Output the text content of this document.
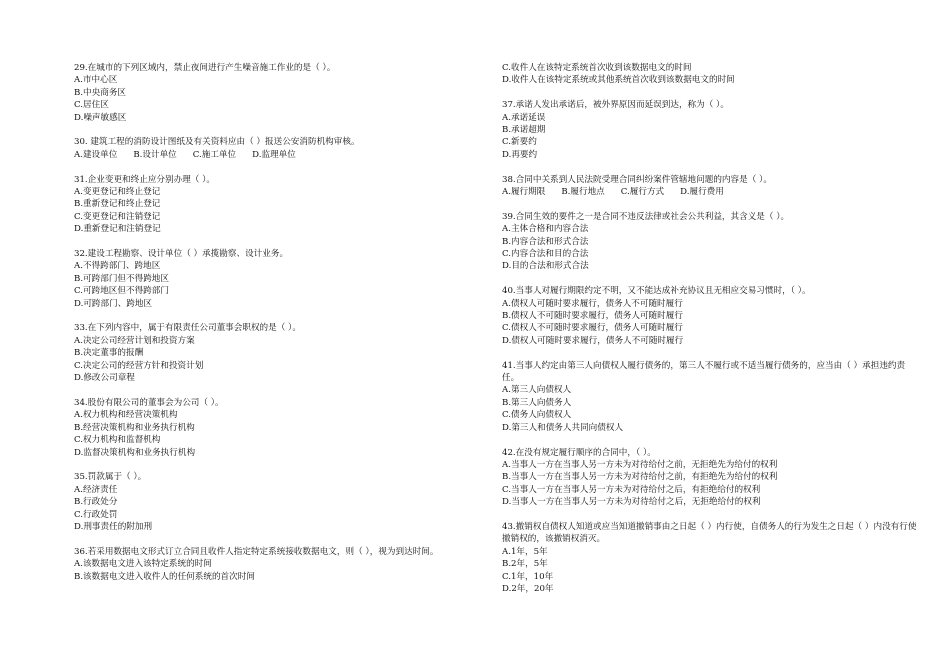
29.在城市的下列区域内，禁止夜间进行产生噪音施工作业的是（ ）。
A.市中心区
B.中央商务区
C.居住区
D.噪声敏感区
30. 建筑工程的消防设计图纸及有关资料应由（ ）报送公安消防机构审核。
A.建设单位 B.设计单位 C.施工单位 D.监理单位
31.企业变更和终止应分别办理（ ）。
A.变更登记和终止登记
B.重新登记和终止登记
C.变更登记和注销登记
D.重新登记和注销登记
32.建设工程勘察、设计单位（ ）承揽勘察、设计业务。
A.不得跨部门、跨地区
B.可跨部门但不得跨地区
C.可跨地区但不得跨部门
D.可跨部门、跨地区
33.在下列内容中，属于有限责任公司董事会职权的是（ ）。
A.决定公司经营计划和投资方案
B.决定董事的报酬
C.决定公司的经营方针和投资计划
D.修改公司章程
34.股份有限公司的董事会为公司（ ）。
A.权力机构和经营决策机构
B.经营决策机构和业务执行机构
C.权力机构和监督机构
D.监督决策机构和业务执行机构
35.罚款属于（ ）。
A.经济责任
B.行政处分
C.行政处罚
D.刑事责任的附加刑
36.若采用数据电文形式订立合同且收件人指定特定系统接收数据电文，则（ ），视为到达时间。
A.该数据电文进入该特定系统的时间
B.该数据电文进入收件人的任何系统的首次时间
C.收件人在该特定系统首次收到该数据电文的时间
D.收件人在该特定系统或其他系统首次收到该数据电文的时间
37.承诺人发出承诺后，被外界原因而延误到达，称为（ ）。
A.承诺延误
B.承诺超期
C.新要约
D.再要约
38.合同中关系到人民法院受理合同纠纷案件管辖地问题的内容是（ ）。
A.履行期限 B.履行地点 C.履行方式 D.履行费用
39.合同生效的要件之一是合同不违反法律或社会公共利益，其含义是（ ）。
A.主体合格和内容合法
B.内容合法和形式合法
C.内容合法和目的合法
D.目的合法和形式合法
40.当事人对履行期限约定不明，又不能达成补充协议且无相应交易习惯时，（ ）。
A.债权人可随时要求履行，债务人不可随时履行
B.债权人不可随时要求履行，债务人可随时履行
C.债权人不可随时要求履行，债务人可随时履行
D.债权人可随时要求履行，债务人不可随时履行
41.当事人约定由第三人向债权人履行债务的，第三人不履行或不适当履行债务的，应当由（ ）承担违约责任。
A.第三人向债权人
B.第三人向债务人
C.债务人向债权人
D.第三人和债务人共同向债权人
42.在没有规定履行顺序的合同中，（ ）。
A.当事人一方在当事人另一方未为对待给付之前，无拒绝先为给付的权利
B.当事人一方在当事人另一方未为对待给付之前，有拒绝先为给付的权利
C.当事人一方在当事人另一方未为对待给付之后，有拒绝给付的权利
D.当事人一方在当事人另一方未为对待给付之后，无拒绝给付的权利
43.撤销权自债权人知道或应当知道撤销事由之日起（ ）内行使，自债务人的行为发生之日起（ ）内没有行使撤销权的，该撤销权消灭。
A.1年，5年
B.2年，5年
C.1年，10年
D.2年，20年
